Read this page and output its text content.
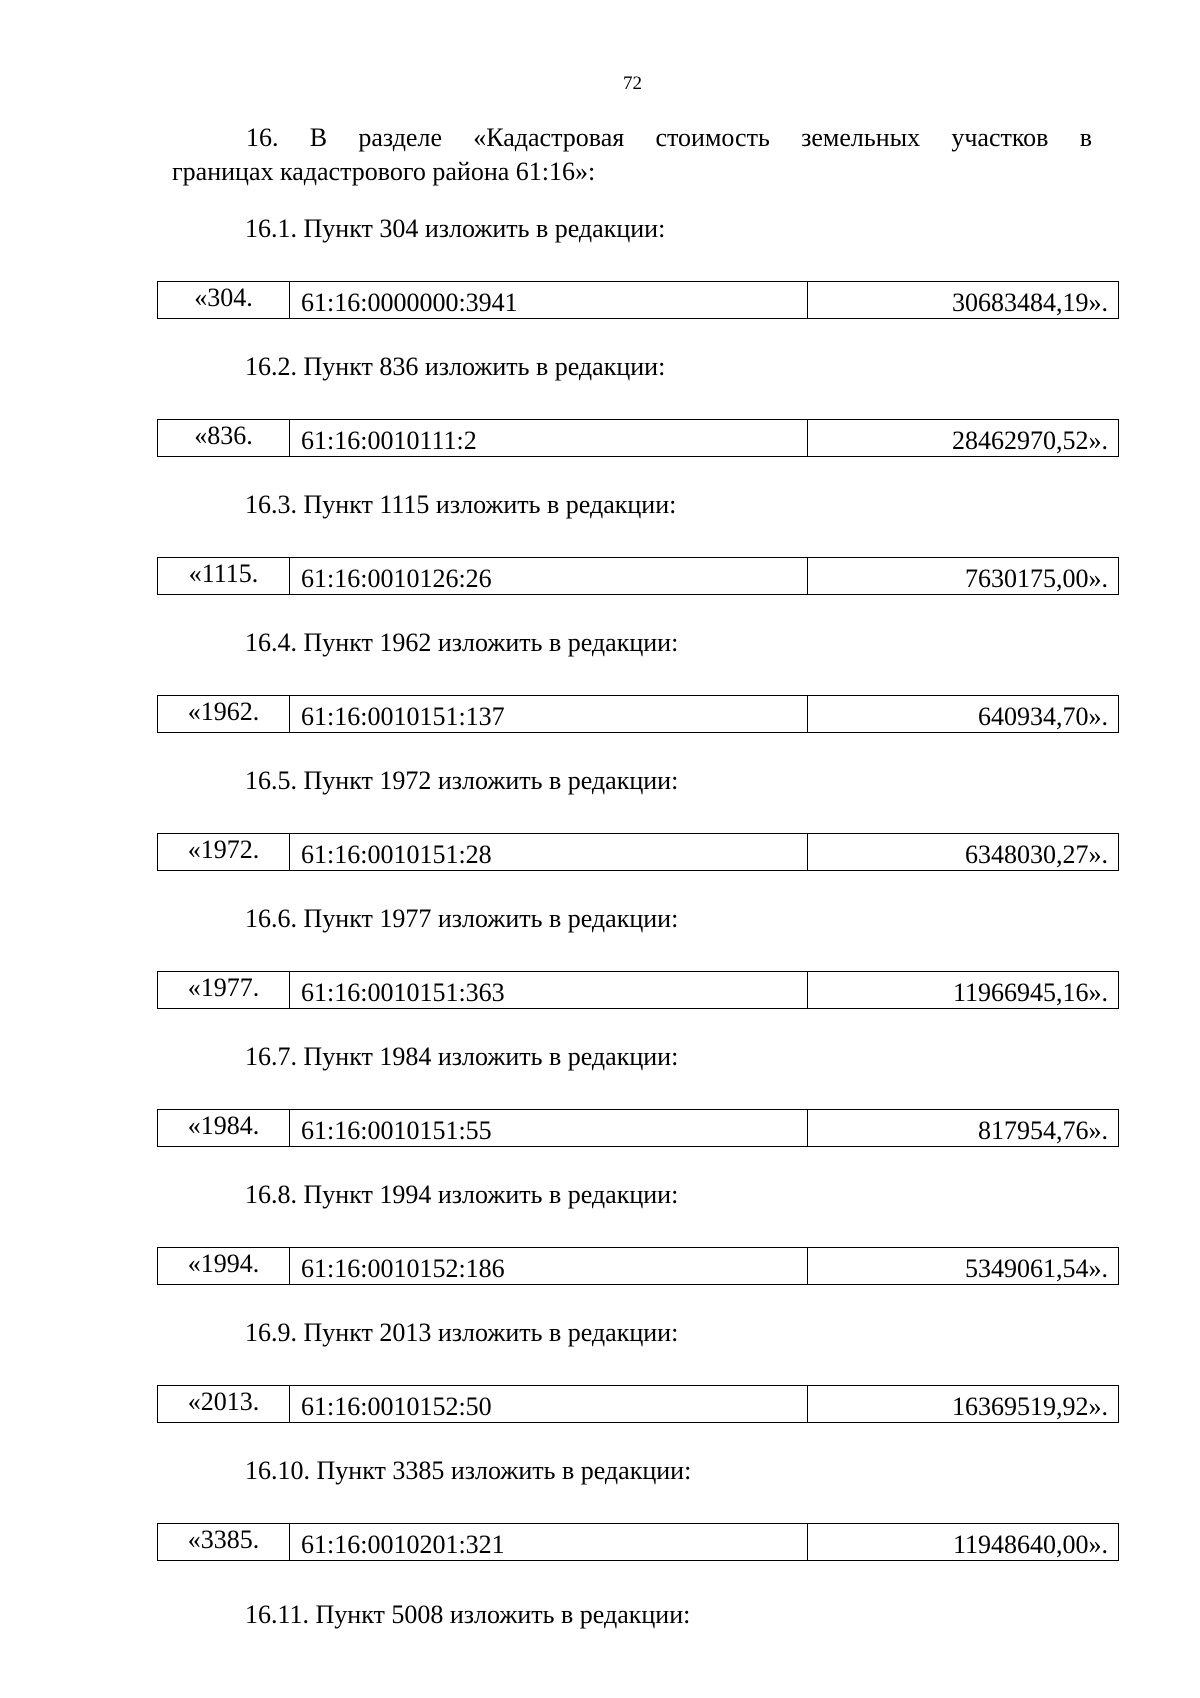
72
16. В разделе «Кадастровая стоимость земельных участков в
границах кадастрового района 61:16»:
16.1. Пункт 304 изложить в редакции:
«304.	61:16:0000000:3941	30683484,19».
16.2. Пункт 836 изложить в редакции:
«836.	61:16:0010111:2	28462970,52».
16.3. Пункт 1115 изложить в редакции:
«1115.	61:16:0010126:26	7630175,00».
16.4. Пункт 1962 изложить в редакции:
«1962.	61:16:0010151:137	640934,70».
16.5. Пункт 1972 изложить в редакции:
«1972.	61:16:0010151:28	6348030,27».
16.6. Пункт 1977 изложить в редакции:
«1977.	61:16:0010151:363	11966945,16».
16.7. Пункт 1984 изложить в редакции:
«1984.	61:16:0010151:55	817954,76».
16.8. Пункт 1994 изложить в редакции:
«1994.	61:16:0010152:186	5349061,54».
16.9. Пункт 2013 изложить в редакции:
«2013.	61:16:0010152:50	16369519,92».
16.10. Пункт 3385 изложить в редакции:
«3385.	61:16:0010201:321	11948640,00».
16.11. Пункт 5008 изложить в редакции:
